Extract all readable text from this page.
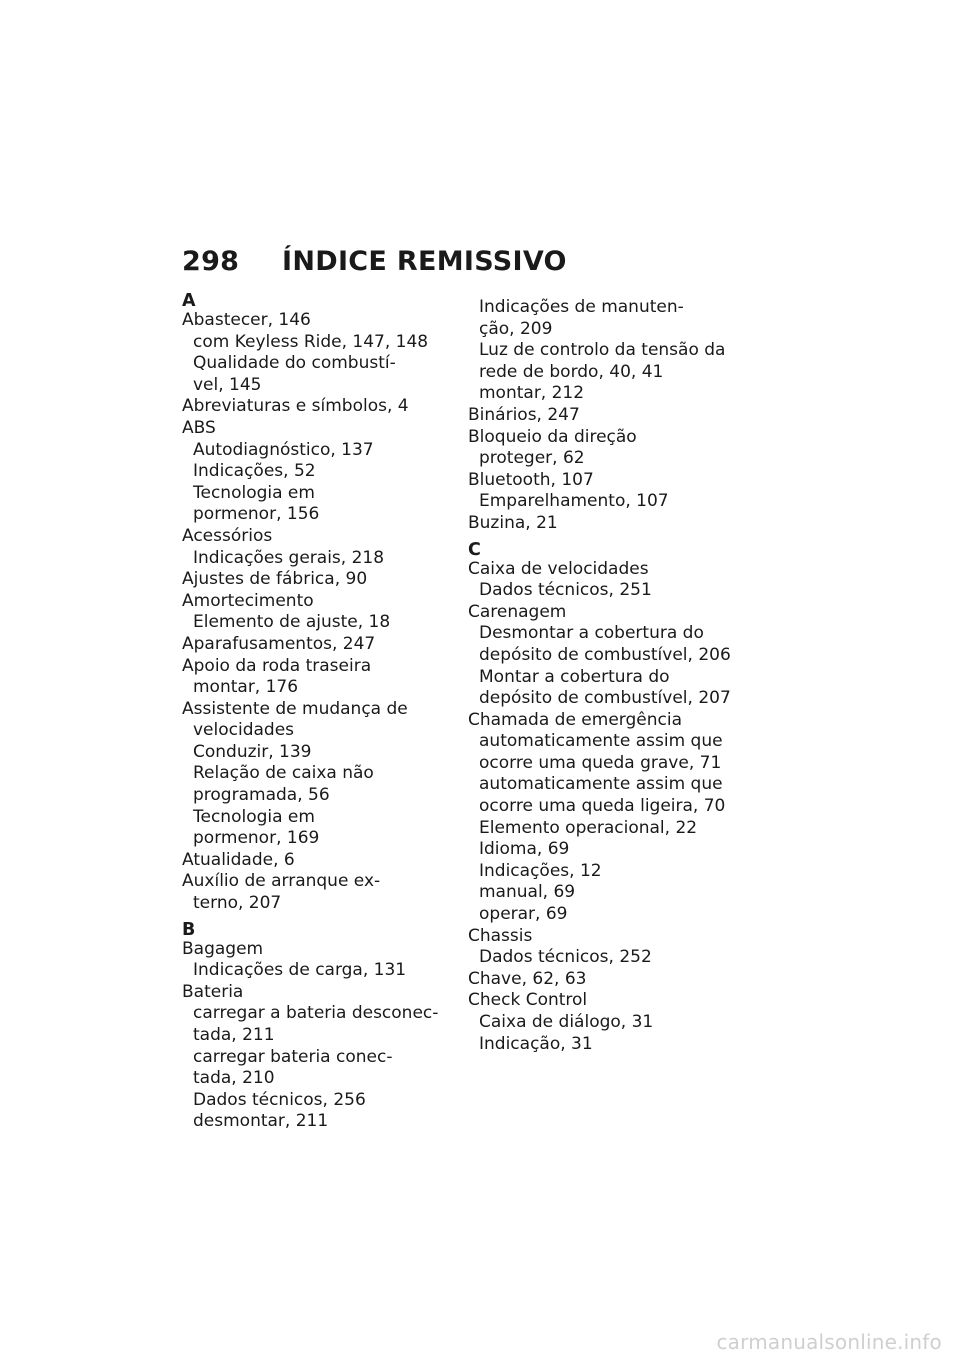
298	ÍNDICE REMISSIVO
A
Abastecer, 146
com Keyless Ride, 147, 148
Qualidade do combustí-
vel, 145
Abreviaturas e símbolos, 4
ABS
Autodiagnóstico, 137
Indicações, 52
Tecnologia em
pormenor, 156
Acessórios
Indicações gerais, 218
Ajustes de fábrica, 90
Amortecimento
Elemento de ajuste, 18
Aparafusamentos, 247
Apoio da roda traseira
montar, 176
Assistente de mudança de
velocidades
Conduzir, 139
Relação de caixa não
programada, 56
Tecnologia em
pormenor, 169
Atualidade, 6
Auxílio de arranque ex-
terno, 207
B
Bagagem
Indicações de carga, 131
Bateria
carregar a bateria desconec-
tada, 211
carregar bateria conec-
tada, 210
Dados técnicos, 256
desmontar, 211
Indicações de manuten-
ção, 209
Luz de controlo da tensão da
rede de bordo, 40, 41
montar, 212
Binários, 247
Bloqueio da direção
proteger, 62
Bluetooth, 107
Emparelhamento, 107
Buzina, 21
C
Caixa de velocidades
Dados técnicos, 251
Carenagem
Desmontar a cobertura do
depósito de combustível, 206
Montar a cobertura do
depósito de combustível, 207
Chamada de emergência
automaticamente assim que
ocorre uma queda grave, 71
automaticamente assim que
ocorre uma queda ligeira, 70
Elemento operacional, 22
Idioma, 69
Indicações, 12
manual, 69
operar, 69
Chassis
Dados técnicos, 252
Chave, 62, 63
Check Control
Caixa de diálogo, 31
Indicação, 31
carmanualsonline.info
